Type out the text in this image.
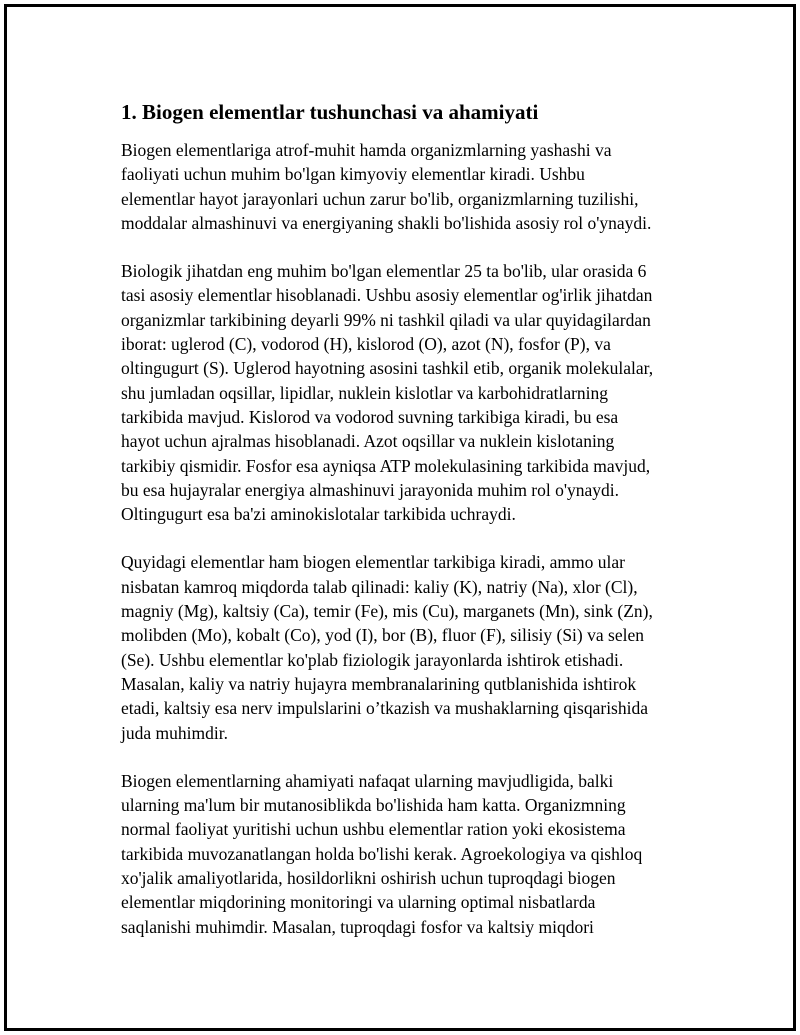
1. Biogen elementlar tushunchasi va ahamiyati

Biogen elementlariga atrof-muhit hamda organizmlarning yashashi va
faoliyati uchun muhim bo'lgan kimyoviy elementlar kiradi. Ushbu
elementlar hayot jarayonlari uchun zarur bo'lib, organizmlarning tuzilishi,
moddalar almashinuvi va energiyaning shakli bo'lishida asosiy rol o'ynaydi.

Biologik jihatdan eng muhim bo'lgan elementlar 25 ta bo'lib, ular orasida 6
tasi asosiy elementlar hisoblanadi. Ushbu asosiy elementlar og'irlik jihatdan
organizmlar tarkibining deyarli 99% ni tashkil qiladi va ular quyidagilardan
iborat: uglerod (C), vodorod (H), kislorod (O), azot (N), fosfor (P), va
oltingugurt (S). Uglerod hayotning asosini tashkil etib, organik molekulalar,
shu jumladan oqsillar, lipidlar, nuklein kislotlar va karbohidratlarning
tarkibida mavjud. Kislorod va vodorod suvning tarkibiga kiradi, bu esa
hayot uchun ajralmas hisoblanadi. Azot oqsillar va nuklein kislotaning
tarkibiy qismidir. Fosfor esa ayniqsa ATP molekulasining tarkibida mavjud,
bu esa hujayralar energiya almashinuvi jarayonida muhim rol o'ynaydi.
Oltingugurt esa ba'zi aminokislotalar tarkibida uchraydi.

Quyidagi elementlar ham biogen elementlar tarkibiga kiradi, ammo ular
nisbatan kamroq miqdorda talab qilinadi: kaliy (K), natriy (Na), xlor (Cl),
magniy (Mg), kaltsiy (Ca), temir (Fe), mis (Cu), marganets (Mn), sink (Zn),
molibden (Mo), kobalt (Co), yod (I), bor (B), fluor (F), silisiy (Si) va selen
(Se). Ushbu elementlar ko'plab fiziologik jarayonlarda ishtirok etishadi.
Masalan, kaliy va natriy hujayra membranalarining qutblanishida ishtirok
etadi, kaltsiy esa nerv impulslarini o’tkazish va mushaklarning qisqarishida
juda muhimdir.

Biogen elementlarning ahamiyati nafaqat ularning mavjudligida, balki
ularning ma'lum bir mutanosiblikda bo'lishida ham katta. Organizmning
normal faoliyat yuritishi uchun ushbu elementlar ration yoki ekosistema
tarkibida muvozanatlangan holda bo'lishi kerak. Agroekologiya va qishloq
xo'jalik amaliyotlarida, hosildorlikni oshirish uchun tuproqdagi biogen
elementlar miqdorining monitoringi va ularning optimal nisbatlarda
saqlanishi muhimdir. Masalan, tuproqdagi fosfor va kaltsiy miqdori
